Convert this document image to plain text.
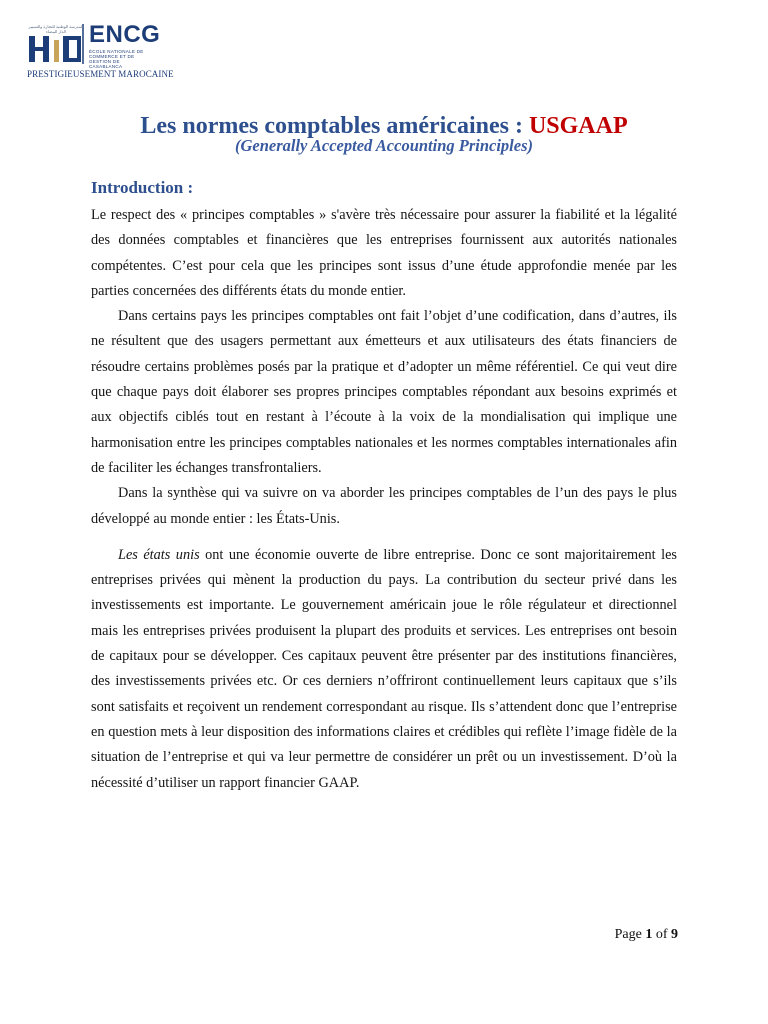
المدرسة الوطنية للتجارة والتسيير الدار البيضاء ENCG
ÉCOLE NATIONALE DE COMMERCE ET DE GESTION DE CASABLANCA
PRESTIGIEUSEMENT MAROCAINE
Les normes comptables américaines : USGAAP
(Generally Accepted Accounting Principles)
Introduction :

Le respect des « principes comptables » s'avère très nécessaire pour assurer la fiabilité et la légalité des données comptables et financières que les entreprises fournissent aux autorités nationales compétentes. C’est pour cela que les principes sont issus d’une étude approfondie menée par les parties concernées des différents états du monde entier.

Dans certains pays les principes comptables ont fait l’objet d’une codification, dans d’autres, ils ne résultent que des usagers permettant aux émetteurs et aux utilisateurs des états financiers de résoudre certains problèmes posés par la pratique et d’adopter un même référentiel. Ce qui veut dire que chaque pays doit élaborer ses propres principes comptables répondant aux besoins exprimés et aux objectifs ciblés tout en restant à l’écoute à la voix de la mondialisation qui implique une harmonisation entre les principes comptables nationales et les normes comptables internationales afin de faciliter les échanges transfrontaliers.

Dans la synthèse qui va suivre on va aborder les principes comptables de l’un des pays le plus développé au monde entier : les États-Unis.

Les états unis ont une économie ouverte de libre entreprise. Donc ce sont majoritairement les entreprises privées qui mènent la production du pays. La contribution du secteur privé dans les investissements est importante. Le gouvernement américain joue le rôle régulateur et directionnel mais les entreprises privées produisent la plupart des produits et services. Les entreprises ont besoin de capitaux pour se développer. Ces capitaux peuvent être présenter par des institutions financières, des investissements privées etc. Or ces derniers n’offriront continuellement leurs capitaux que s’ils sont satisfaits et reçoivent un rendement correspondant au risque. Ils s’attendent donc que l’entreprise en question mets à leur disposition des informations claires et crédibles qui reflète l’image fidèle de la situation de l’entreprise et qui va leur permettre de considérer un prêt ou un investissement. D’où la nécessité d’utiliser un rapport financier GAAP.

Page 1 of 9
